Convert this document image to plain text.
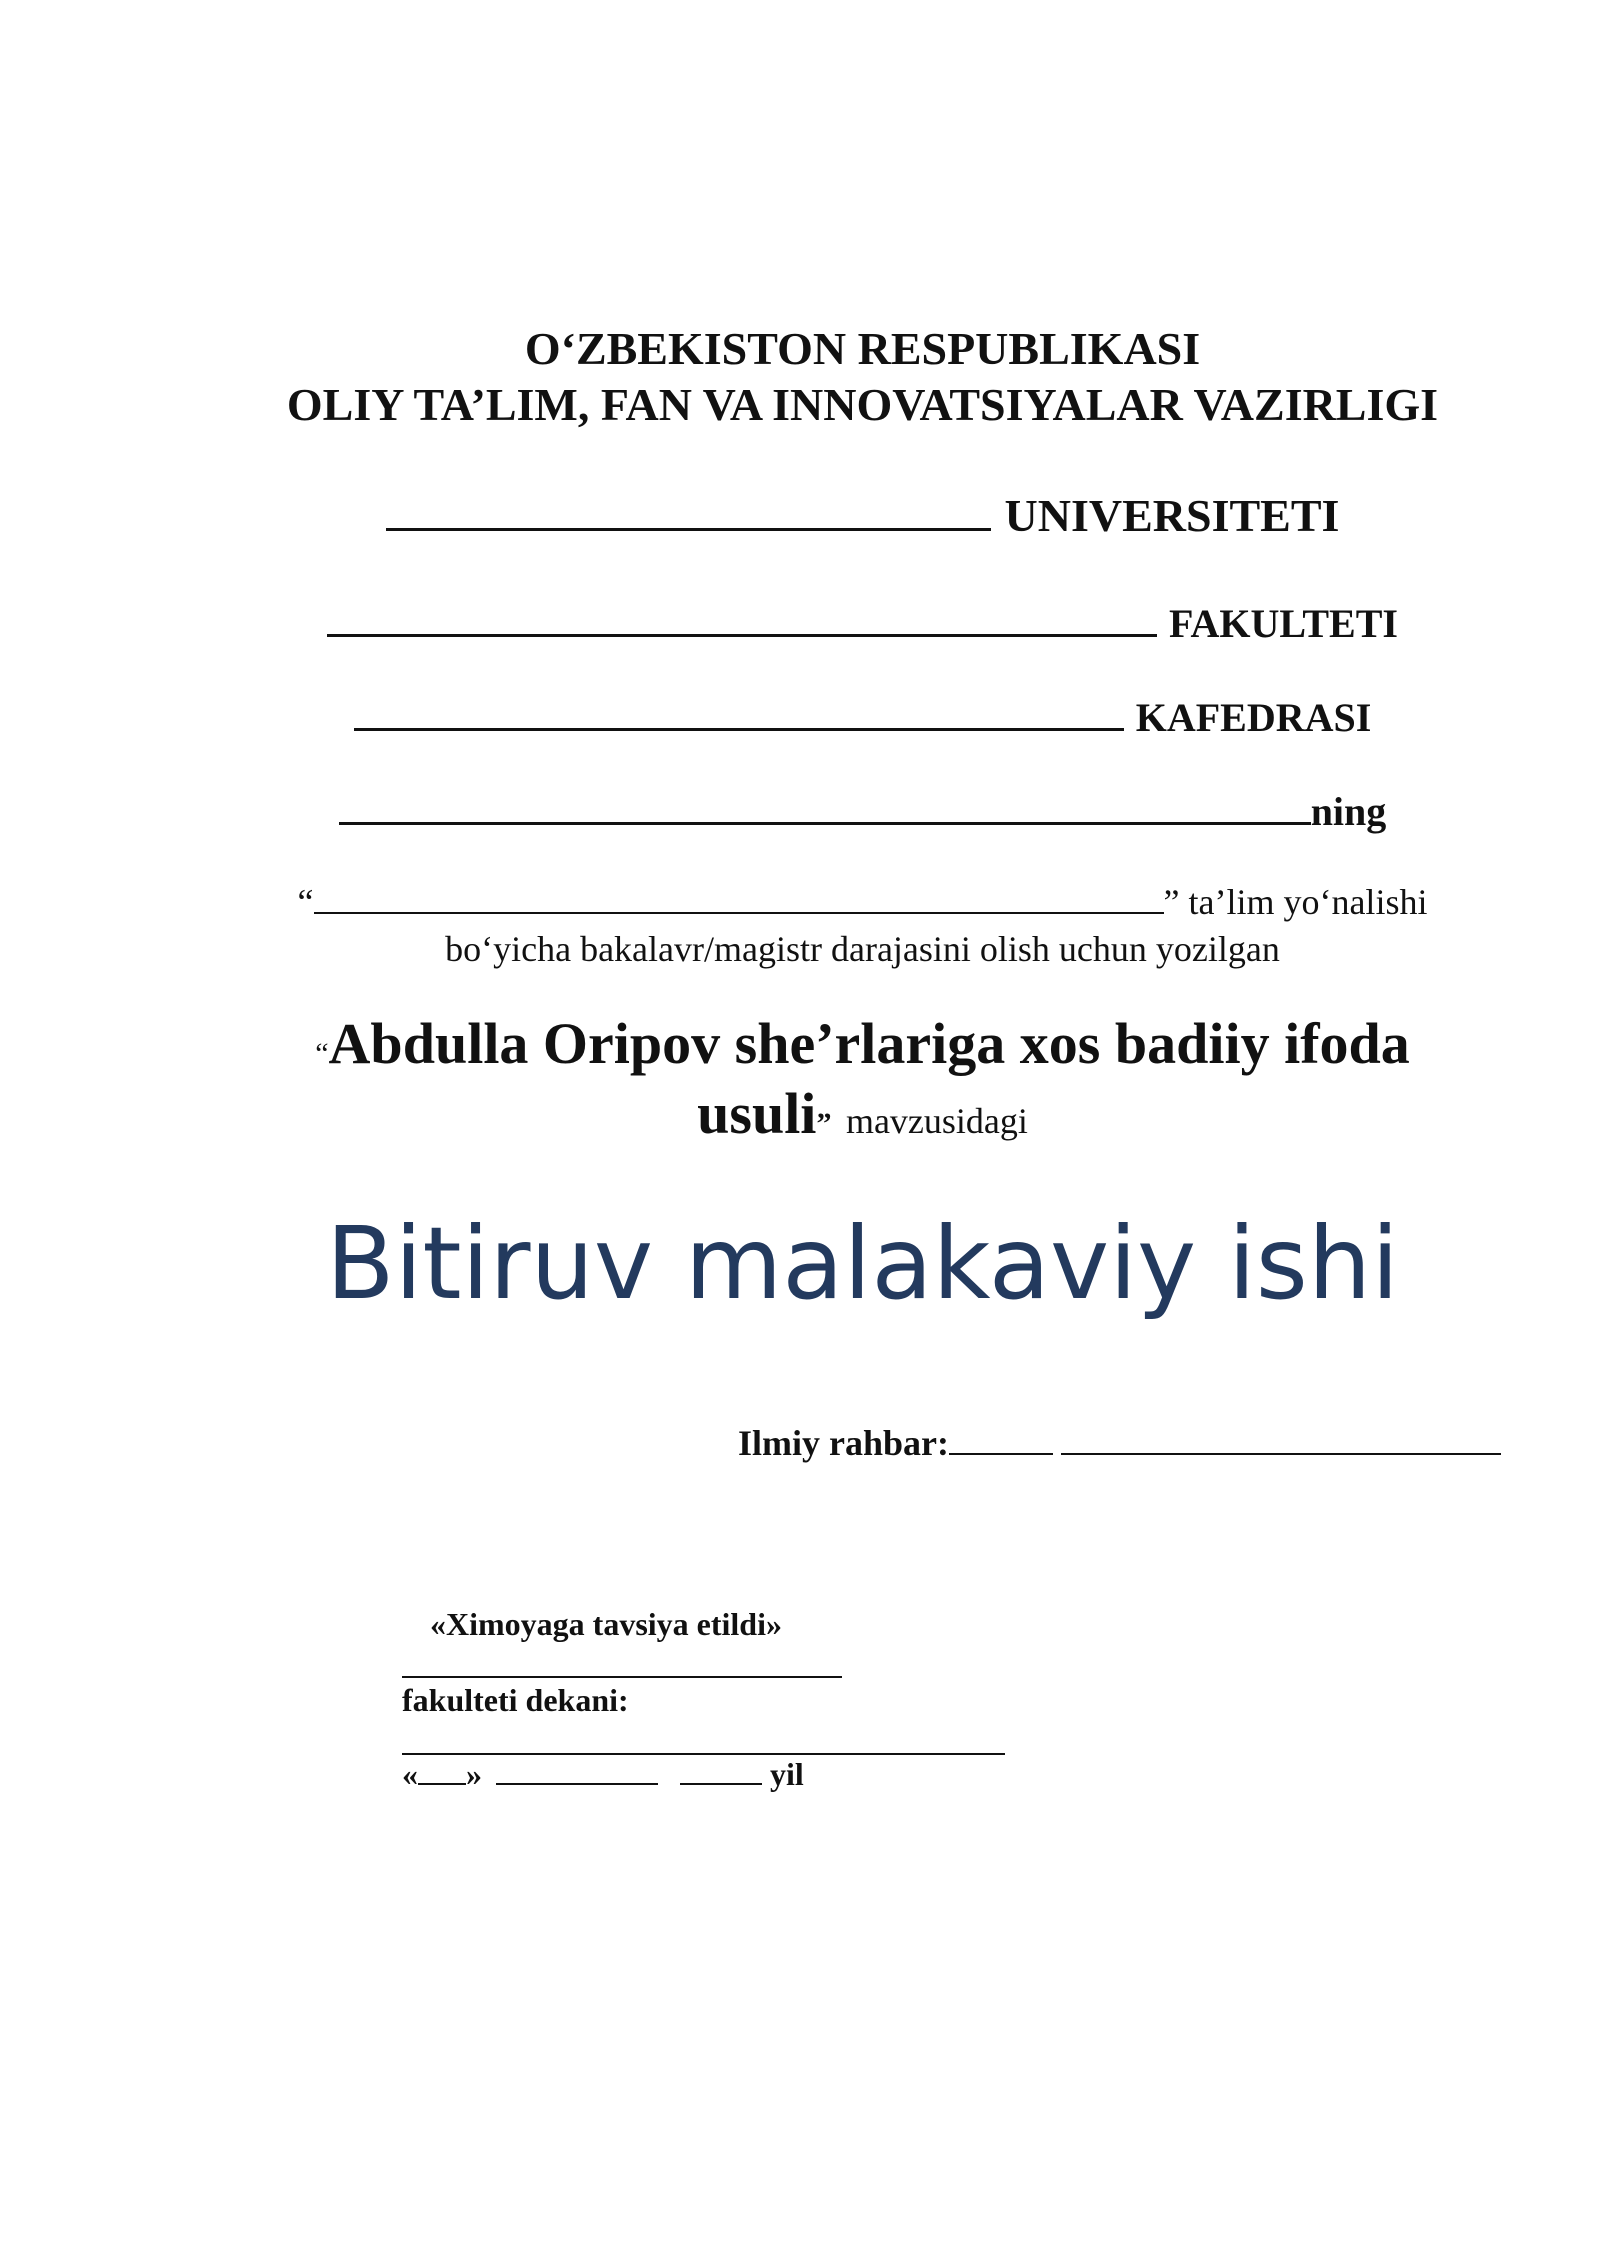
O‘ZBEKISTON RESPUBLIKASI
OLIY TA’LIM, FAN VA INNOVATSIYALAR VAZIRLIGI
UNIVERSITETI
FAKULTETI
KAFEDRASI
ning
“	” ta’lim yo‘nalishi
bo‘yicha bakalavr/magistr darajasini olish uchun yozilgan
“Abdulla Oripov she’rlariga xos badiiy ifoda
usuli” mavzusidagi
Bitiruv malakaviy ishi
Ilmiy rahbar:
«Ximoyaga tavsiya etildi»
fakulteti dekani:
« »	yil
